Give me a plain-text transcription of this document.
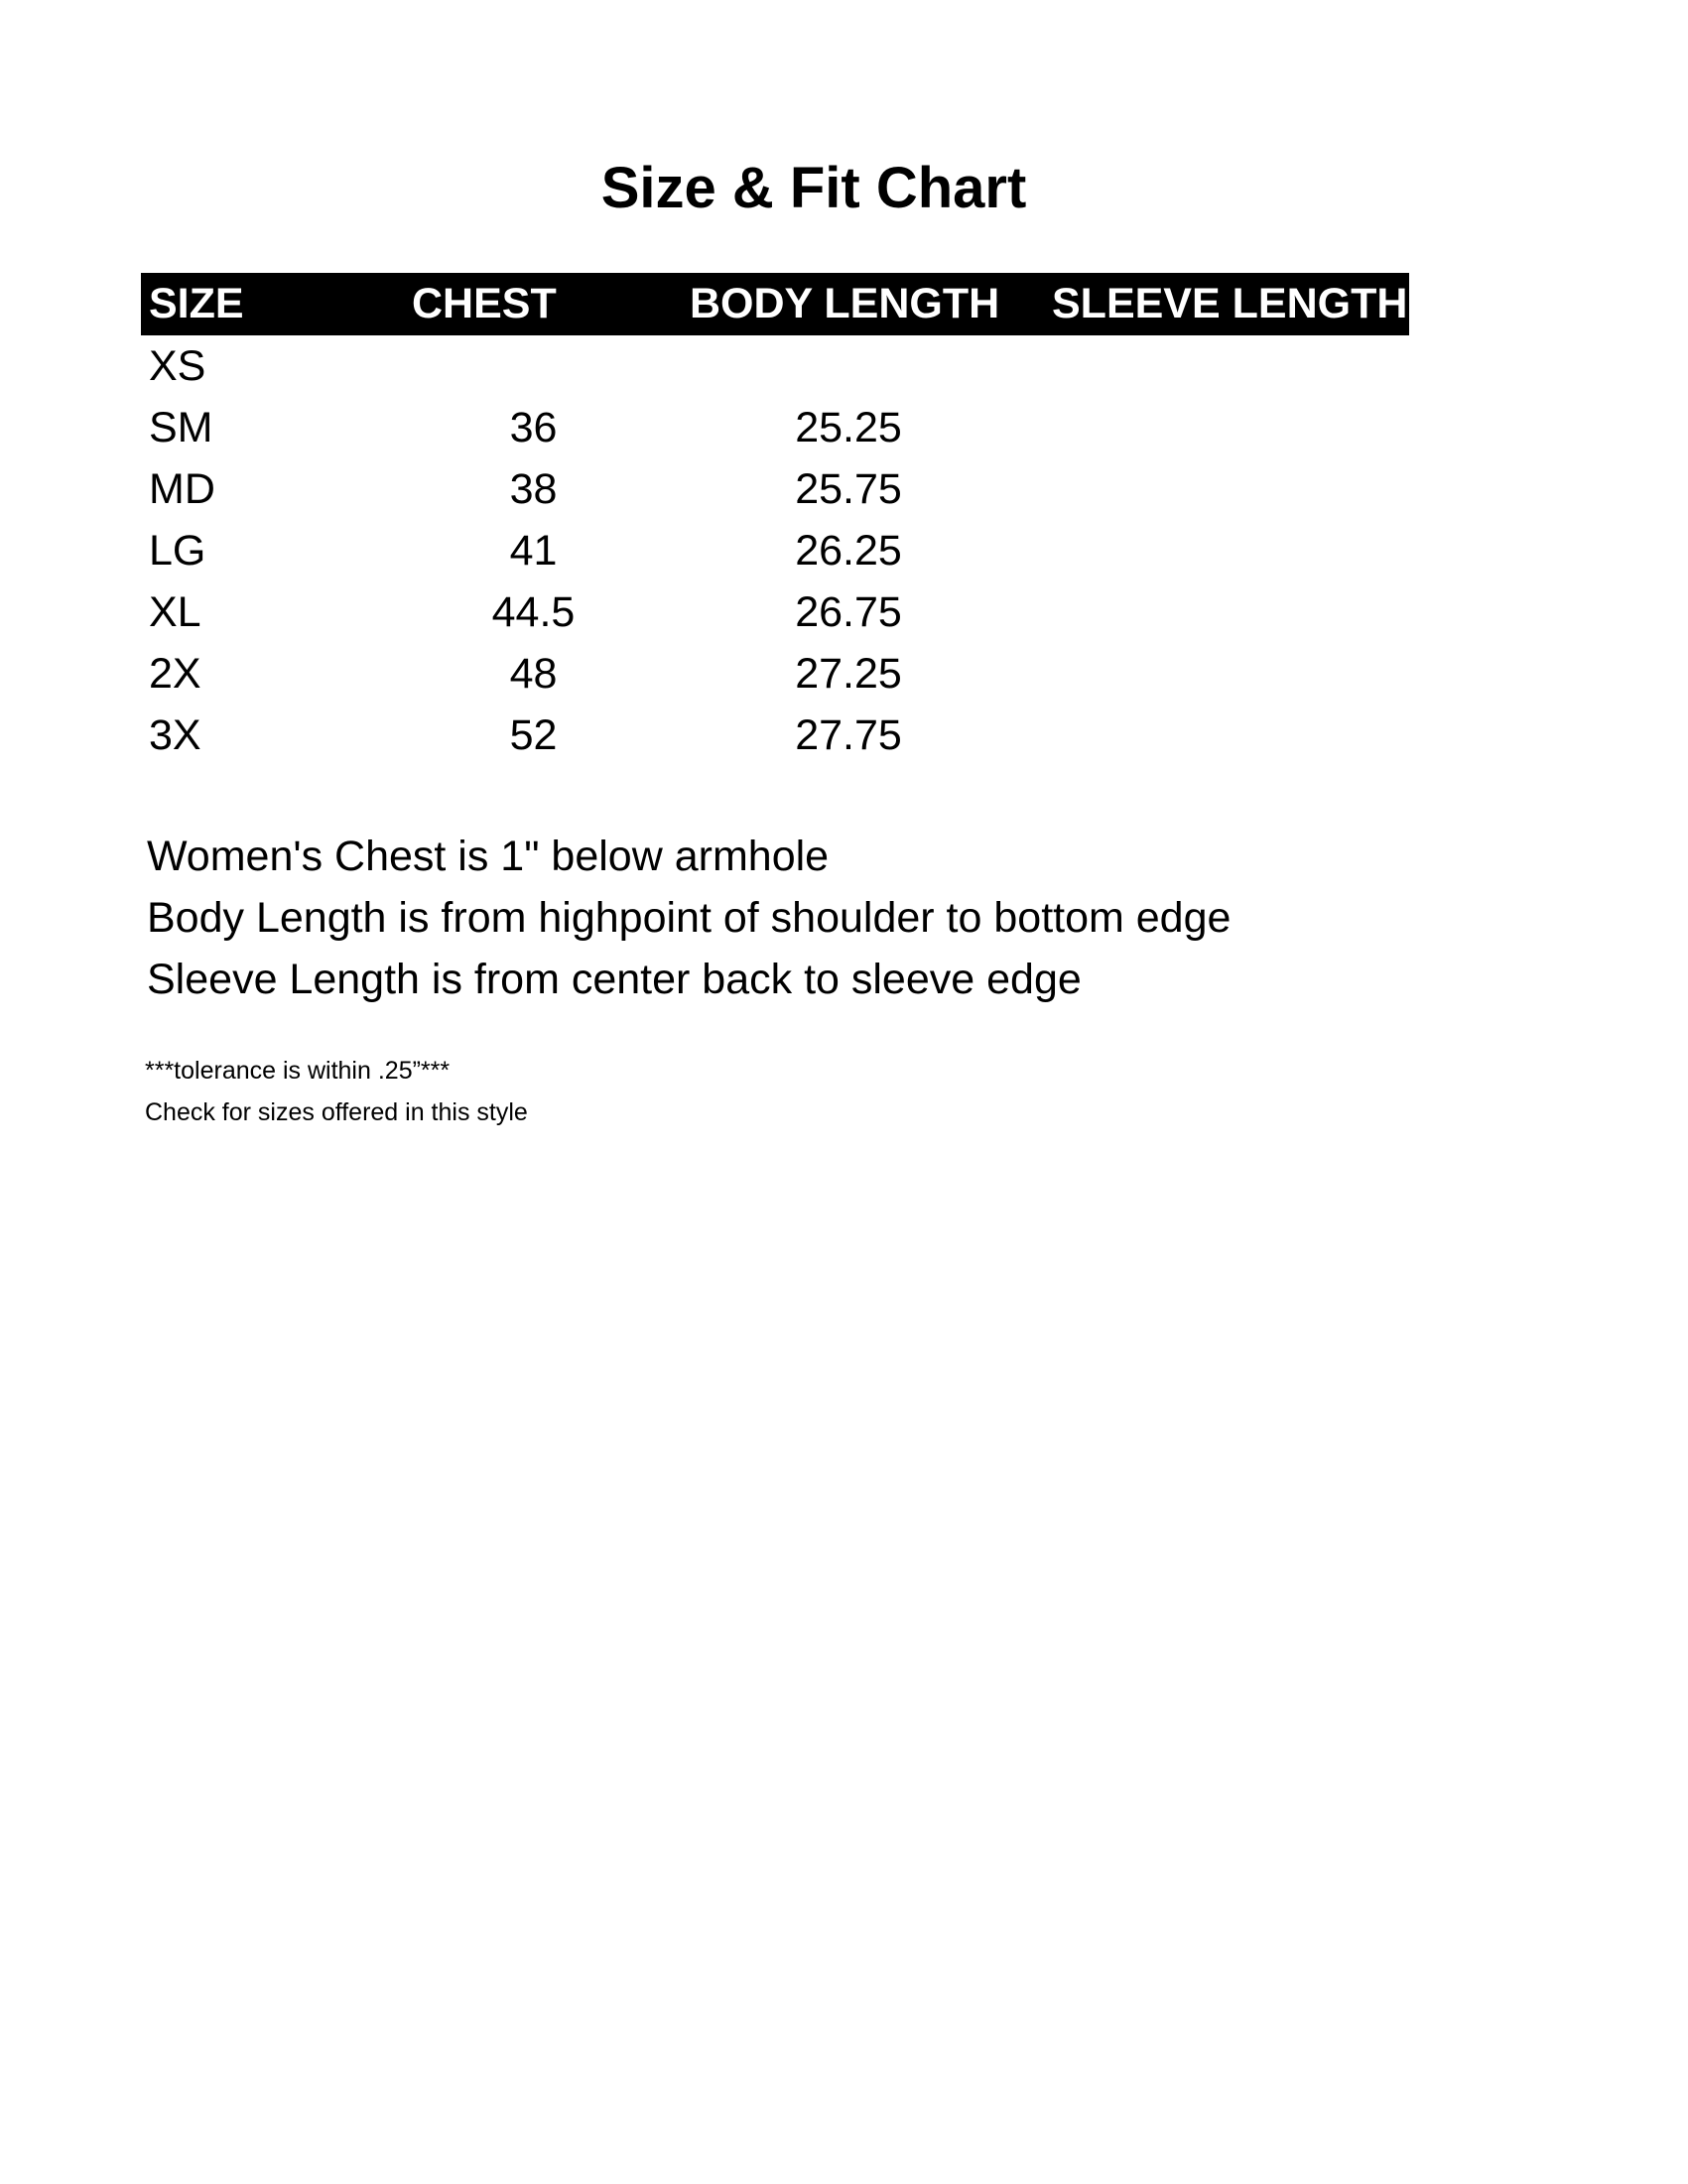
Size & Fit Chart
SIZE	CHEST	BODY LENGTH	SLEEVE LENGTH
XS			
SM	36	25.25	
MD	38	25.75	
LG	41	26.25	
XL	44.5	26.75	
2X	48	27.25	
3X	52	27.75	
Women's Chest is 1" below armhole
Body Length is from highpoint of shoulder to bottom edge
Sleeve Length is from center back to sleeve edge
***tolerance is within .25”***
Check for sizes offered in this style
